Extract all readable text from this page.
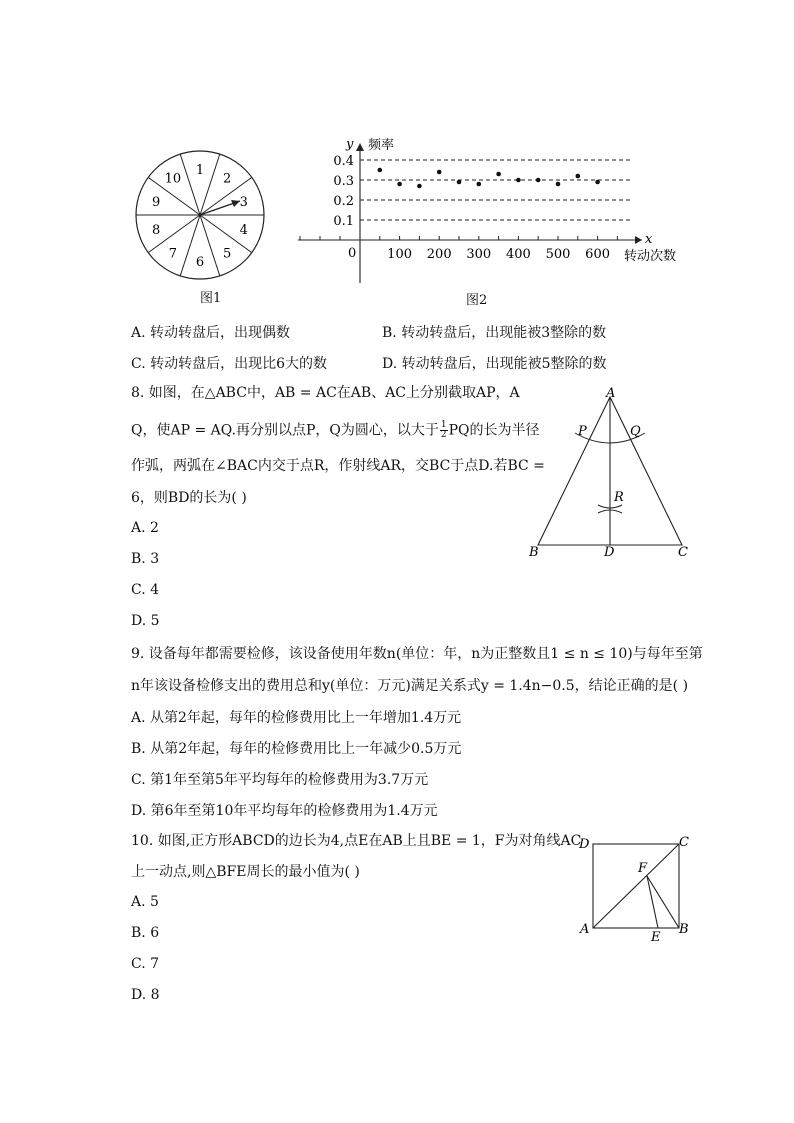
1
2
3
4
5
6
7
8
9
10
图1
0.4
0.3
0.2
0.1
100 200 300 400 500 600
y 频率
x
转动次数
0
图2
A. 转动转盘后，出现偶数	B. 转动转盘后，出现能被3整除的数
C. 转动转盘后，出现比6大的数	D. 转动转盘后，出现能被5整除的数
8. 如图，在△ABC中，AB = AC在AB、AC上分别截取AP，A
Q，使AP = AQ.再分别以点P，Q为圆心，以大于 $\frac{1}{2}$ PQ的长为半径
作弧，两弧在∠BAC内交于点R，作射线AR，交BC于点D.若BC =
6，则BD的长为( )
A. 2
B. 3
C. 4
D. 5
A
P	Q
R
B	D	C
9. 设备每年都需要检修，该设备使用年数n(单位：年，n为正整数且1 ≤ n ≤ 10)与每年至第
n年该设备检修支出的费用总和y(单位：万元)满足关系式y = 1.4n−0.5，结论正确的是( )
A. 从第2年起，每年的检修费用比上一年增加1.4万元
B. 从第2年起，每年的检修费用比上一年减少0.5万元
C. 第1年至第5年平均每年的检修费用为3.7万元
D. 第6年至第10年平均每年的检修费用为1.4万元
10. 如图,正方形ABCD的边长为4,点E在AB上且BE = 1，F为对角线AC
上一动点,则△BFE周长的最小值为( )
A. 5
B. 6
C. 7
D. 8
D	C
F
A
E
B
